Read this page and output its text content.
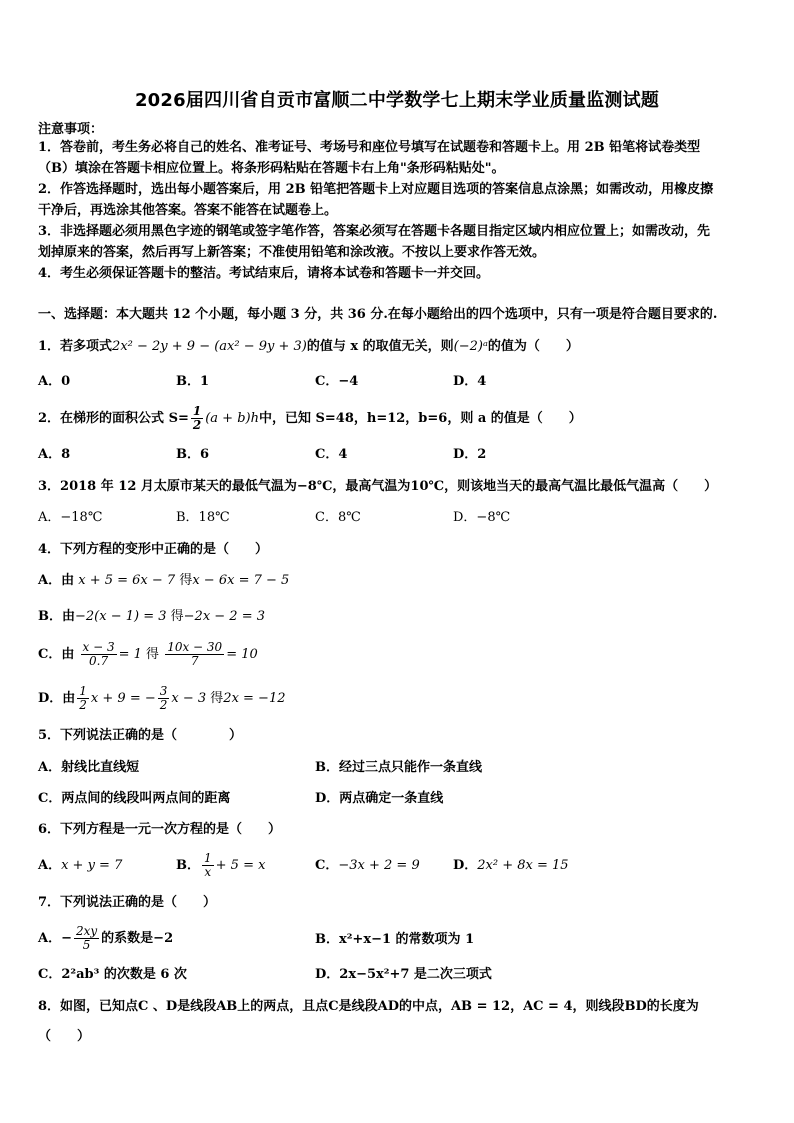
2026届四川省自贡市富顺二中学数学七上期末学业质量监测试题
注意事项：
1．答卷前，考生务必将自己的姓名、准考证号、考场号和座位号填写在试题卷和答题卡上。用 2B 铅笔将试卷类型
（B）填涂在答题卡相应位置上。将条形码粘贴在答题卡右上角"条形码粘贴处"。
2．作答选择题时，选出每小题答案后，用 2B 铅笔把答题卡上对应题目选项的答案信息点涂黑；如需改动，用橡皮擦
干净后，再选涂其他答案。答案不能答在试题卷上。
3．非选择题必须用黑色字迹的钢笔或签字笔作答，答案必须写在答题卡各题目指定区域内相应位置上；如需改动，先
划掉原来的答案，然后再写上新答案；不准使用铅笔和涂改液。不按以上要求作答无效。
4．考生必须保证答题卡的整洁。考试结束后，请将本试卷和答题卡一并交回。
一、选择题：本大题共 12 个小题，每小题 3 分，共 36 分.在每小题给出的四个选项中，只有一项是符合题目要求的.
1．若多项式2x² − 2y + 9 − (ax² − 9y + 3)的值与 x 的取值无关，则(−2)ᵃ的值为（　　）
A．0	B．1	C．−4	D．4
2．在梯形的面积公式 $S= \frac{1}{2} (a + b)h$中，已知 S=48，h=12，b=6，则 a 的值是（　　）
A．8	B．6	C．4	D．2
3．2018 年 12 月太原市某天的最低气温为−8℃，最高气温为10℃，则该地当天的最高气温比最低气温高（　　）
A．−18℃	B．18℃	C．8℃	D．−8℃
4．下列方程的变形中正确的是（　　）
A．由 x + 5 = 6x − 7 得x − 6x = 7 − 5
B．由−2(x − 1) = 3 得−2x − 2 = 3
C．由 $\frac{x - 3}{0.7} = 1$ 得 $\frac{10x - 30}{7} = 10$
D．由 $\frac{1}{2}$ x + 9 = − $\frac{3}{2}$ x − 3 得2x = −12
5．下列说法正确的是（　　　　）
A．射线比直线短	B．经过三点只能作一条直线
C．两点间的线段叫两点间的距离	D．两点确定一条直线
6．下列方程是一元一次方程的是（　　）
A．x + y = 7	B． $\frac{1}{x} + 5 = x$	C．−3x + 2 = 9	D．2x² + 8x = 15
7．下列说法正确的是（　　）
A．− $\frac{2xy}{5}$ 的系数是−2	B．x²+x−1 的常数项为 1
C．2²ab³ 的次数是 6 次	D．2x−5x²+7 是二次三项式
8．如图，已知点C 、D是线段AB上的两点，且点C是线段AD的中点，AB = 12，AC = 4，则线段BD的长度为
（　　）
